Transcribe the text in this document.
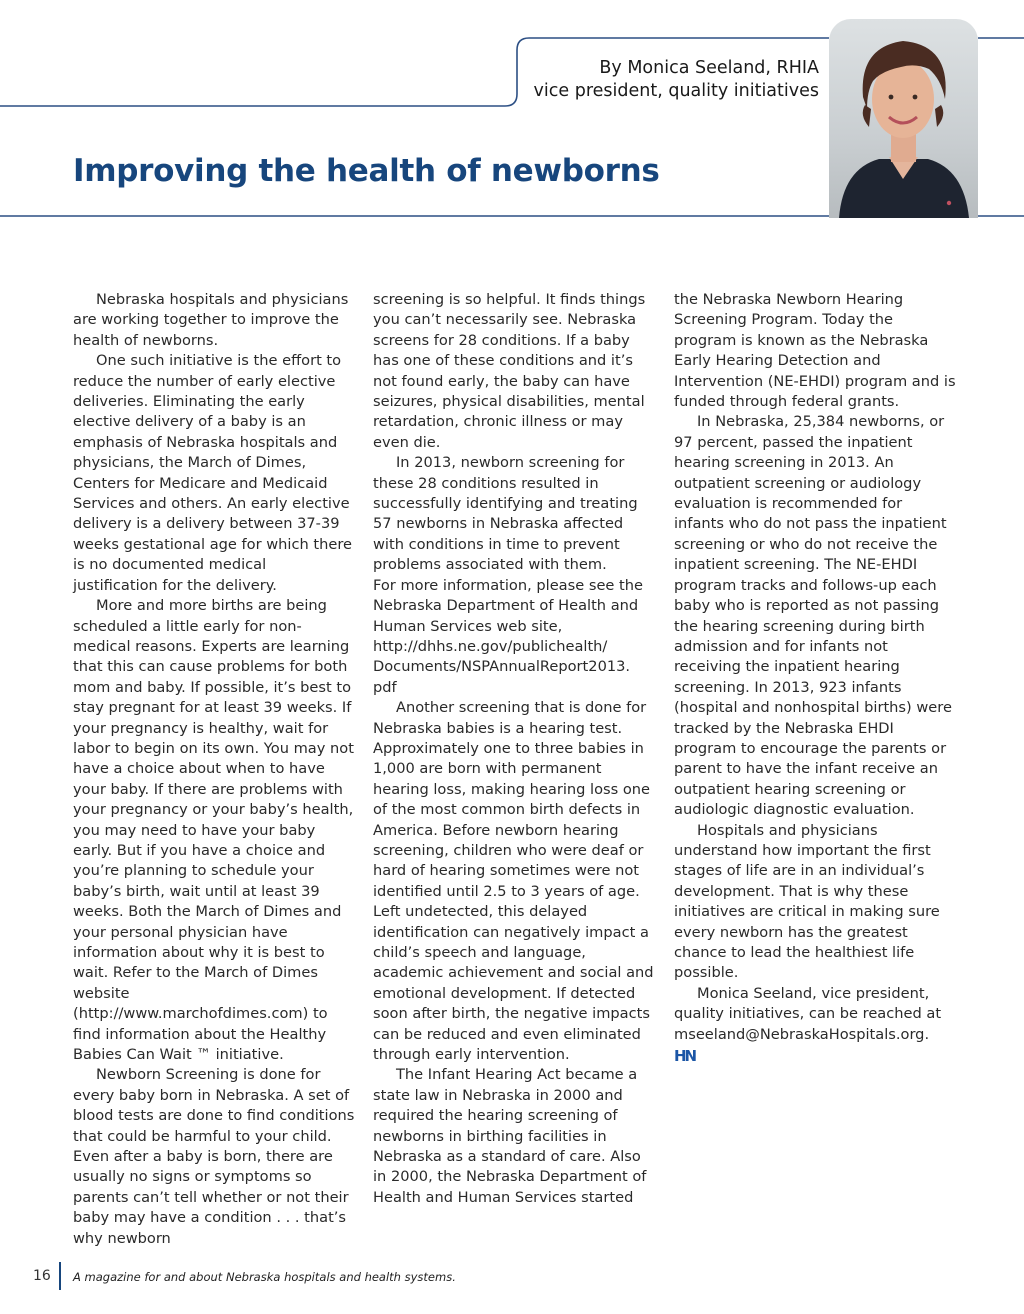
By Monica Seeland, RHIA
vice president, quality initiatives
Improving the health of newborns

Nebraska hospitals and physicians are working together to improve the health of newborns.

One such initiative is the effort to reduce the number of early elective deliveries. Eliminating the early elective delivery of a baby is an emphasis of Nebraska hospitals and physicians, the March of Dimes, Centers for Medicare and Medicaid Services and others. An early elective delivery is a delivery between 37-39 weeks gestational age for which there is no documented medical justification for the delivery.

More and more births are being scheduled a little early for non-medical reasons. Experts are learning that this can cause problems for both mom and baby. If possible, it’s best to stay pregnant for at least 39 weeks. If your pregnancy is healthy, wait for labor to begin on its own. You may not have a choice about when to have your baby. If there are problems with your pregnancy or your baby’s health, you may need to have your baby early. But if you have a choice and you’re planning to schedule your baby’s birth, wait until at least 39 weeks. Both the March of Dimes and your personal physician have information about why it is best to wait. Refer to the March of Dimes website (http://www.marchofdimes.com) to find information about the Healthy Babies Can Wait ™ initiative.

Newborn Screening is done for every baby born in Nebraska. A set of blood tests are done to find conditions that could be harmful to your child. Even after a baby is born, there are usually no signs or symptoms so parents can’t tell whether or not their baby may have a condition . . . that’s why newborn

screening is so helpful. It finds things you can’t necessarily see. Nebraska screens for 28 conditions. If a baby has one of these conditions and it’s not found early, the baby can have seizures, physical disabilities, mental retardation, chronic illness or may even die.

In 2013, newborn screening for these 28 conditions resulted in successfully identifying and treating 57 newborns in Nebraska affected with conditions in time to prevent problems associated with them.

For more information, please see the Nebraska Department of Health and Human Services web site, http://dhhs.ne.gov/publichealth/ Documents/NSPAnnualReport2013. pdf

Another screening that is done for Nebraska babies is a hearing test. Approximately one to three babies in 1,000 are born with permanent hearing loss, making hearing loss one of the most common birth defects in America. Before newborn hearing screening, children who were deaf or hard of hearing sometimes were not identified until 2.5 to 3 years of age. Left undetected, this delayed identification can negatively impact a child’s speech and language, academic achievement and social and emotional development. If detected soon after birth, the negative impacts can be reduced and even eliminated through early intervention.

The Infant Hearing Act became a state law in Nebraska in 2000 and required the hearing screening of newborns in birthing facilities in Nebraska as a standard of care. Also in 2000, the Nebraska Department of Health and Human Services started

the Nebraska Newborn Hearing Screening Program. Today the program is known as the Nebraska Early Hearing Detection and Intervention (NE-EHDI) program and is funded through federal grants.

In Nebraska, 25,384 newborns, or 97 percent, passed the inpatient hearing screening in 2013. An outpatient screening or audiology evaluation is recommended for infants who do not pass the inpatient screening or who do not receive the inpatient screening. The NE-EHDI program tracks and follows-up each baby who is reported as not passing the hearing screening during birth admission and for infants not receiving the inpatient hearing screening. In 2013, 923 infants (hospital and nonhospital births) were tracked by the Nebraska EHDI program to encourage the parents or parent to have the infant receive an outpatient hearing screening or audiologic diagnostic evaluation.

Hospitals and physicians understand how important the first stages of life are in an individual’s development. That is why these initiatives are critical in making sure every newborn has the greatest chance to lead the healthiest life possible.

Monica Seeland, vice president, quality initiatives, can be reached at mseeland@NebraskaHospitals.org.

HN
16 A magazine for and about Nebraska hospitals and health systems.
